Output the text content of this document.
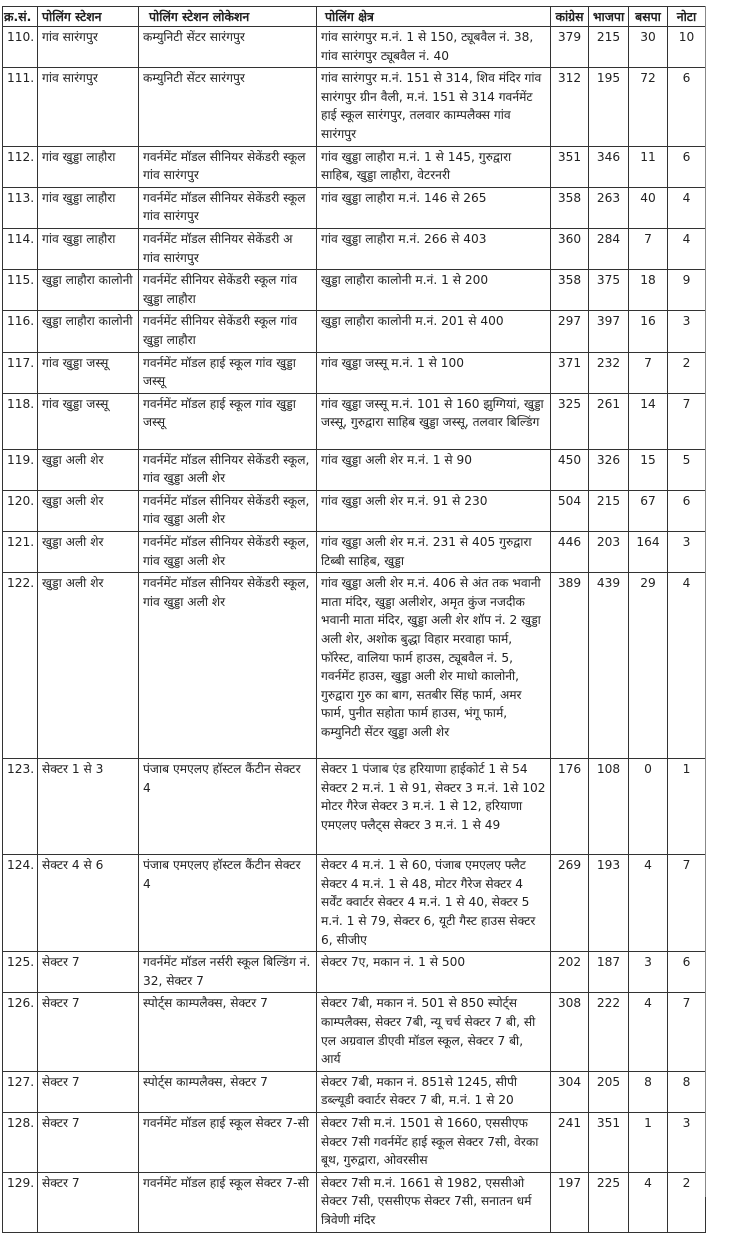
क्र.सं.	पोलिंग स्टेशन	पोलिंग स्टेशन लोकेशन	पोलिंग क्षेत्र	कांग्रेस	भाजपा	बसपा	नोटा
110.	गांव सारंगपुर	कम्युनिटी सेंटर सारंगपुर	गांव सारंगपुर म.नं. 1 से 150, ट्यूबवैल नं. 38, गांव सारंगपुर ट्यूबवैल नं. 40	379	215	30	10
111.	गांव सारंगपुर	कम्युनिटी सेंटर सारंगपुर	गांव सारंगपुर म.नं. 151 से 314, शिव मंदिर गांव सारंगपुर ग्रीन वैली, म.नं. 151 से 314 गवर्नमेंट हाई स्कूल सारंगपुर, तलवार काम्पलैक्स गांव सारंगपुर	312	195	72	6
112.	गांव खुड्डा लाहौरा	गवर्नमेंट मॉडल सीनियर सेकेंडरी स्कूल गांव सारंगपुर	गांव खुड्डा लाहौरा म.नं. 1 से 145, गुरुद्वारा साहिब, खुड्डा लाहौरा, वेटरनरी	351	346	11	6
113.	गांव खुड्डा लाहौरा	गवर्नमेंट मॉडल सीनियर सेकेंडरी स्कूल गांव सारंगपुर	गांव खुड्डा लाहौरा म.नं. 146 से 265	358	263	40	4
114.	गांव खुड्डा लाहौरा	गवर्नमेंट मॉडल सीनियर सेकेंडरी अ गांव सारंगपुर	गांव खुड्डा लाहौरा म.नं. 266 से 403	360	284	7	4
115.	खुड्डा लाहौरा कालोनी	गवर्नमेंट सीनियर सेकेंडरी स्कूल गांव खुड्डा लाहौरा	खुड्डा लाहौरा कालोनी म.नं. 1 से 200	358	375	18	9
116.	खुड्डा लाहौरा कालोनी	गवर्नमेंट सीनियर सेकेंडरी स्कूल गांव खुड्डा लाहौरा	खुड्डा लाहौरा कालोनी म.नं. 201 से 400	297	397	16	3
117.	गांव खुड्डा जस्सू	गवर्नमेंट मॉडल हाई स्कूल गांव खुड्डा जस्सू	गांव खुड्डा जस्सू म.नं. 1 से 100	371	232	7	2
118.	गांव खुड्डा जस्सू	गवर्नमेंट मॉडल हाई स्कूल गांव खुड्डा जस्सू	गांव खुड्डा जस्सू म.नं. 101 से 160 झुग्गियां, खुड्डा जस्सू, गुरुद्वारा साहिब खुड्डा जस्सू, तलवार बिल्डिंग	325	261	14	7
119.	खुड्डा अली शेर	गवर्नमेंट मॉडल सीनियर सेकेंडरी स्कूल, गांव खुड्डा अली शेर	गांव खुड्डा अली शेर म.नं. 1 से 90	450	326	15	5
120.	खुड्डा अली शेर	गवर्नमेंट मॉडल सीनियर सेकेंडरी स्कूल, गांव खुड्डा अली शेर	गांव खुड्डा अली शेर म.नं. 91 से 230	504	215	67	6
121.	खुड्डा अली शेर	गवर्नमेंट मॉडल सीनियर सेकेंडरी स्कूल, गांव खुड्डा अली शेर	गांव खुड्डा अली शेर म.नं. 231 से 405 गुरुद्वारा टिब्बी साहिब, खुड्डा	446	203	164	3
122.	खुड्डा अली शेर	गवर्नमेंट मॉडल सीनियर सेकेंडरी स्कूल, गांव खुड्डा अली शेर	गांव खुड्डा अली शेर म.नं. 406 से अंत तक भवानी माता मंदिर, खुड्डा अलीशेर, अमृत कुंज नजदीक भवानी माता मंदिर, खुड्डा अली शेर शॉप नं. 2 खुड्डा अली शेर, अशोक बुद्धा विहार मरवाहा फार्म, फॉरेस्ट, वालिया फार्म हाउस, ट्यूबवैल नं. 5, गवर्नमेंट हाउस, खुड्डा अली शेर माधो कालोनी, गुरुद्वारा गुरु का बाग, सतबीर सिंह फार्म, अमर फार्म, पुनीत सहोता फार्म हाउस, भंगू फार्म, कम्युनिटी सेंटर खुड्डा अली शेर	389	439	29	4
123.	सेक्टर 1 से 3	पंजाब एमएलए हॉस्टल कैंटीन सेक्टर 4	सेक्टर 1 पंजाब एंड हरियाणा हाईकोर्ट 1 से 54 सेक्टर 2 म.नं. 1 से 91, सेक्टर 3 म.नं. 1से 102 मोटर गैरेज सेक्टर 3 म.नं. 1 से 12, हरियाणा एमएलए फ्लैट्स सेक्टर 3 म.नं. 1 से 49	176	108	0	1
124.	सेक्टर 4 से 6	पंजाब एमएलए हॉस्टल कैंटीन सेक्टर 4	सेक्टर 4 म.नं. 1 से 60, पंजाब एमएलए फ्लैट सेक्टर 4 म.नं. 1 से 48, मोटर गैरेज सेक्टर 4 सर्वेंट क्वार्टर सेक्टर 4 म.नं. 1 से 40, सेक्टर 5 म.नं. 1 से 79, सेक्टर 6, यूटी गैस्ट हाउस सेक्टर 6, सीजीए	269	193	4	7
125.	सेक्टर 7	गवर्नमेंट मॉडल नर्सरी स्कूल बिल्डिंग नं. 32, सेक्टर 7	सेक्टर 7ए, मकान नं. 1 से 500	202	187	3	6
126.	सेक्टर 7	स्पोर्ट्स काम्पलैक्स, सेक्टर 7	सेक्टर 7बी, मकान नं. 501 से 850 स्पोर्ट्स काम्पलैक्स, सेक्टर 7बी, न्यू चर्च सेक्टर 7 बी, सी एल अग्रवाल डीएवी मॉडल स्कूल, सेक्टर 7 बी, आर्य	308	222	4	7
127.	सेक्टर 7	स्पोर्ट्स काम्पलैक्स, सेक्टर 7	सेक्टर 7बी, मकान नं. 851से 1245, सीपी डब्ल्यूडी क्वार्टर सेक्टर 7 बी, म.नं. 1 से 20	304	205	8	8
128.	सेक्टर 7	गवर्नमेंट मॉडल हाई स्कूल सेक्टर 7-सी	सेक्टर 7सी म.नं. 1501 से 1660, एससीएफ सेक्टर 7सी गवर्नमेंट हाई स्कूल सेक्टर 7सी, वेरका बूथ, गुरुद्वारा, ओवरसीस	241	351	1	3
129.	सेक्टर 7	गवर्नमेंट मॉडल हाई स्कूल सेक्टर 7-सी	सेक्टर 7सी म.नं. 1661 से 1982, एससीओ सेक्टर 7सी, एससीएफ सेक्टर 7सी, सनातन धर्म त्रिवेणी मंदिर	197	225	4	2
